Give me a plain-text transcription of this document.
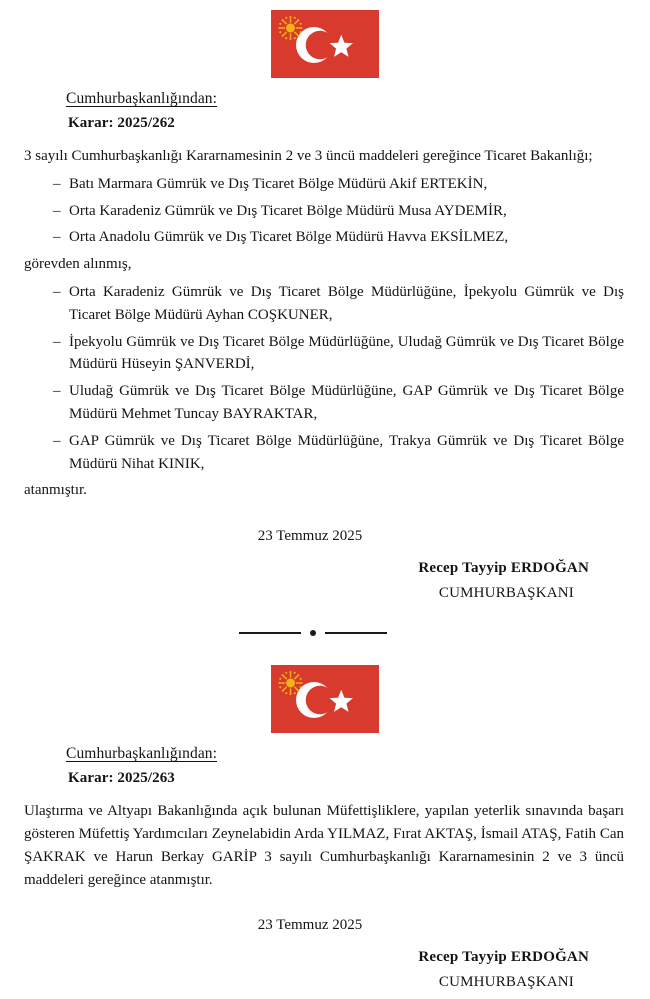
Cumhurbaşkanlığından:
Karar: 2025/262

3 sayılı Cumhurbaşkanlığı Kararnamesinin 2 ve 3 üncü maddeleri gereğince Ticaret Bakanlığı;

– Batı Marmara Gümrük ve Dış Ticaret Bölge Müdürü Akif ERTEKİN,
– Orta Karadeniz Gümrük ve Dış Ticaret Bölge Müdürü Musa AYDEMİR,
– Orta Anadolu Gümrük ve Dış Ticaret Bölge Müdürü Havva EKSİLMEZ,

görevden alınmış,

– Orta Karadeniz Gümrük ve Dış Ticaret Bölge Müdürlüğüne, İpekyolu Gümrük ve Dış Ticaret Bölge Müdürü Ayhan COŞKUNER,
– İpekyolu Gümrük ve Dış Ticaret Bölge Müdürlüğüne, Uludağ Gümrük ve Dış Ticaret Bölge Müdürü Hüseyin ŞANVERDİ,
– Uludağ Gümrük ve Dış Ticaret Bölge Müdürlüğüne, GAP Gümrük ve Dış Ticaret Bölge Müdürü Mehmet Tuncay BAYRAKTAR,
– GAP Gümrük ve Dış Ticaret Bölge Müdürlüğüne, Trakya Gümrük ve Dış Ticaret Bölge Müdürü Nihat KINIK,

atanmıştır.

23 Temmuz 2025
Recep Tayyip ERDOĞAN
CUMHURBAŞKANI
Cumhurbaşkanlığından:
Karar: 2025/263

Ulaştırma ve Altyapı Bakanlığında açık bulunan Müfettişliklere, yapılan yeterlik sınavında başarı gösteren Müfettiş Yardımcıları Zeynelabidin Arda YILMAZ, Fırat AKTAŞ, İsmail ATAŞ, Fatih Can ŞAKRAK ve Harun Berkay GARİP 3 sayılı Cumhurbaşkanlığı Kararnamesinin 2 ve 3 üncü maddeleri gereğince atanmıştır.

23 Temmuz 2025
Recep Tayyip ERDOĞAN
CUMHURBAŞKANI
